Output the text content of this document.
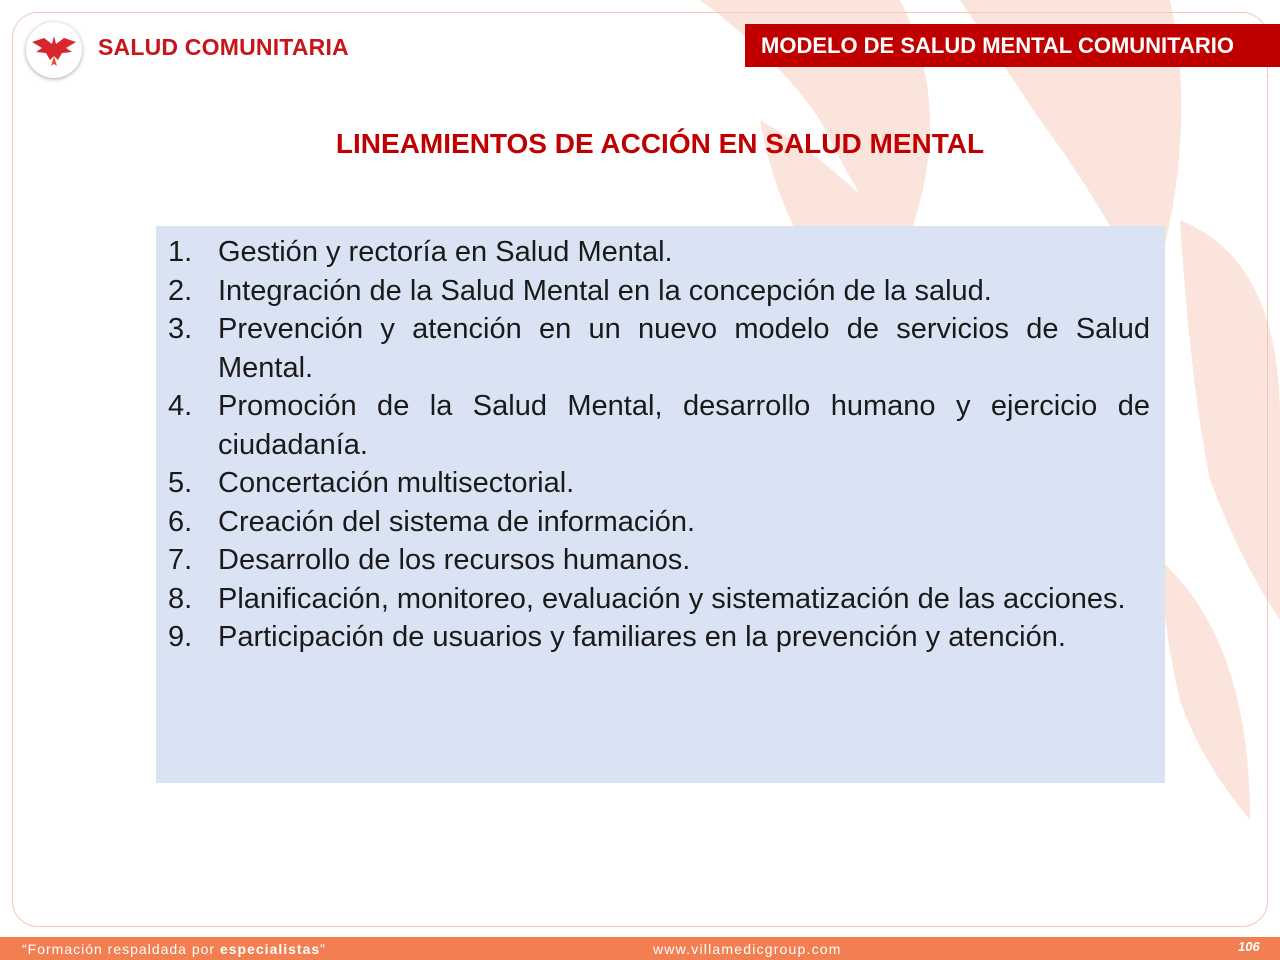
SALUD COMUNITARIA	MODELO DE SALUD MENTAL COMUNITARIO
LINEAMIENTOS DE ACCIÓN EN SALUD MENTAL
1. Gestión y rectoría en Salud Mental.
2. Integración de la Salud Mental en la concepción de la salud.
3. Prevención y atención en un nuevo modelo de servicios de Salud Mental.
4. Promoción de la Salud Mental, desarrollo humano y ejercicio de ciudadanía.
5. Concertación multisectorial.
6. Creación del sistema de información.
7. Desarrollo de los recursos humanos.
8. Planificación, monitoreo, evaluación y sistematización de las acciones.
9. Participación de usuarios y familiares en la prevención y atención.
“Formación respaldada por especialistas”	www.villamedicgroup.com	106
